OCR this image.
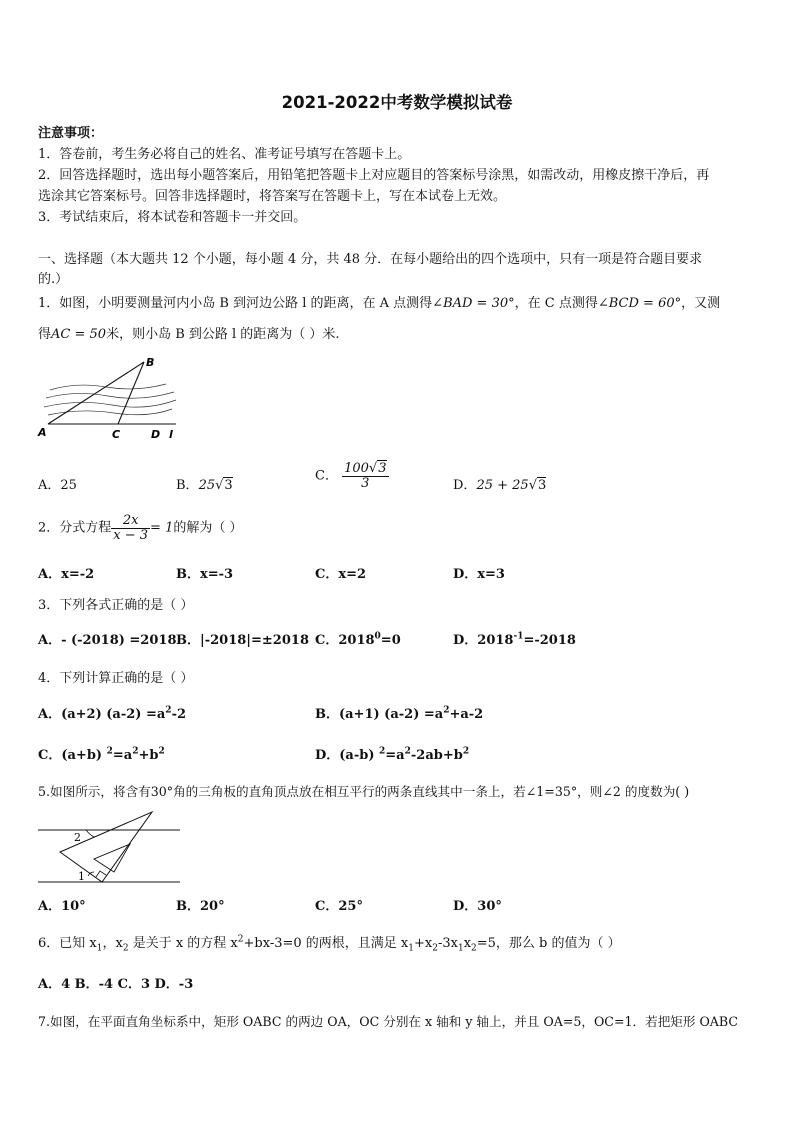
2021-2022中考数学模拟试卷
注意事项：
1．答卷前，考生务必将自己的姓名、准考证号填写在答题卡上。
2．回答选择题时，选出每小题答案后，用铅笔把答题卡上对应题目的答案标号涂黑，如需改动，用橡皮擦干净后，再
选涂其它答案标号。回答非选择题时，将答案写在答题卡上，写在本试卷上无效。
3．考试结束后，将本试卷和答题卡一并交回。
一、选择题（本大题共 12 个小题，每小题 4 分，共 48 分．在每小题给出的四个选项中，只有一项是符合题目要求
的.）
1．如图，小明要测量河内小岛 B 到河边公路 l 的距离，在 A 点测得∠BAD = 30°，在 C 点测得∠BCD = 60°，又测
得AC = 50米，则小岛 B 到公路 l 的距离为（ ）米.
A
B
C	D l
A．25	B．25√3
C． $\frac{100√3}{3}$	D．25 + 25√3
2．分式方程 $\frac{2x}{x - 3} = 1$的解为（ ）
A．x=-2	B．x=-3	C．x=2	D．x=3
3．下列各式正确的是（ ）
A．- (-2018) =2018 B．|-2018|=±2018 C．$2018^0=0$	D．$2018^{-1}=-2018$
4．下列计算正确的是（ ）
A．(a+2) $(a-2) =a^2-2$	B．(a+1) $(a-2) =a^2+a-2$
C．(a+b) $^2=a^2+b^2$	D．(a-b) $^2=a^2-2ab+b^2$
5.如图所示，将含有30°角的三角板的直角顶点放在相互平行的两条直线其中一条上，若∠1=35°，则∠2 的度数为( )
1
2
A．10°	B．20°	C．25°	D．30°
6．已知 $x_1$，$x_2$ 是关于 x 的方程 $x^2+bx-3=0$ 的两根，且满足 $x_1+x_2-3x_1x_2=5$，那么 b 的值为（ ）
A．4 B．-4 C．3 D．-3
7.如图，在平面直角坐标系中，矩形 OABC 的两边 OA，OC 分别在 x 轴和 y 轴上，并且 OA=5，OC=1．若把矩形 OABC
